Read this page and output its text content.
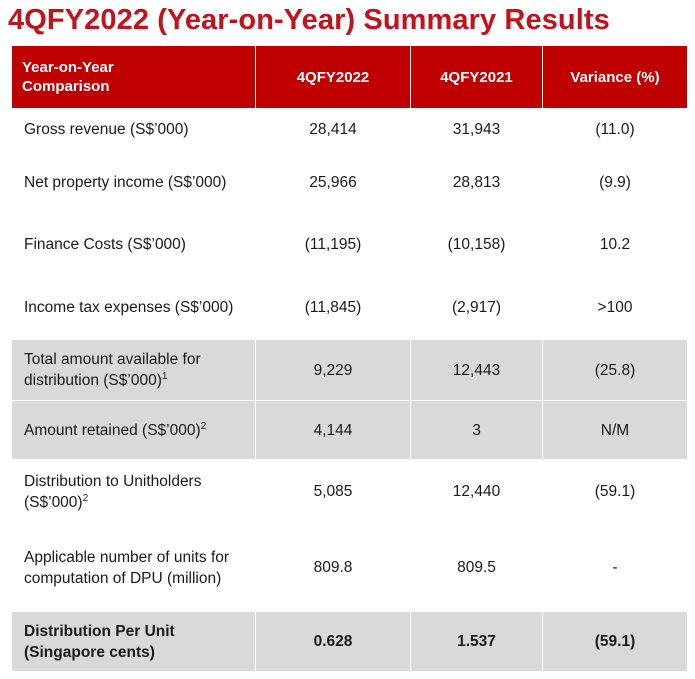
4QFY2022 (Year-on-Year) Summary Results
Year-on-Year Comparison	4QFY2022	4QFY2021	Variance (%)
Gross revenue (S$’000)	28,414	31,943	(11.0)
Net property income (S$’000)	25,966	28,813	(9.9)
Finance Costs (S$’000)	(11,195)	(10,158)	10.2
Income tax expenses (S$’000)	(11,845)	(2,917)	>100
Total amount available for distribution (S$’000)$^1$	9,229	12,443	(25.8)
Amount retained (S$’000)$^2$	4,144	3	N/M
Distribution to Unitholders (S$’000)$^2$	5,085	12,440	(59.1)
Applicable number of units for computation of DPU (million)	809.8	809.5	-
Distribution Per Unit (Singapore cents)	0.628	1.537	(59.1)
